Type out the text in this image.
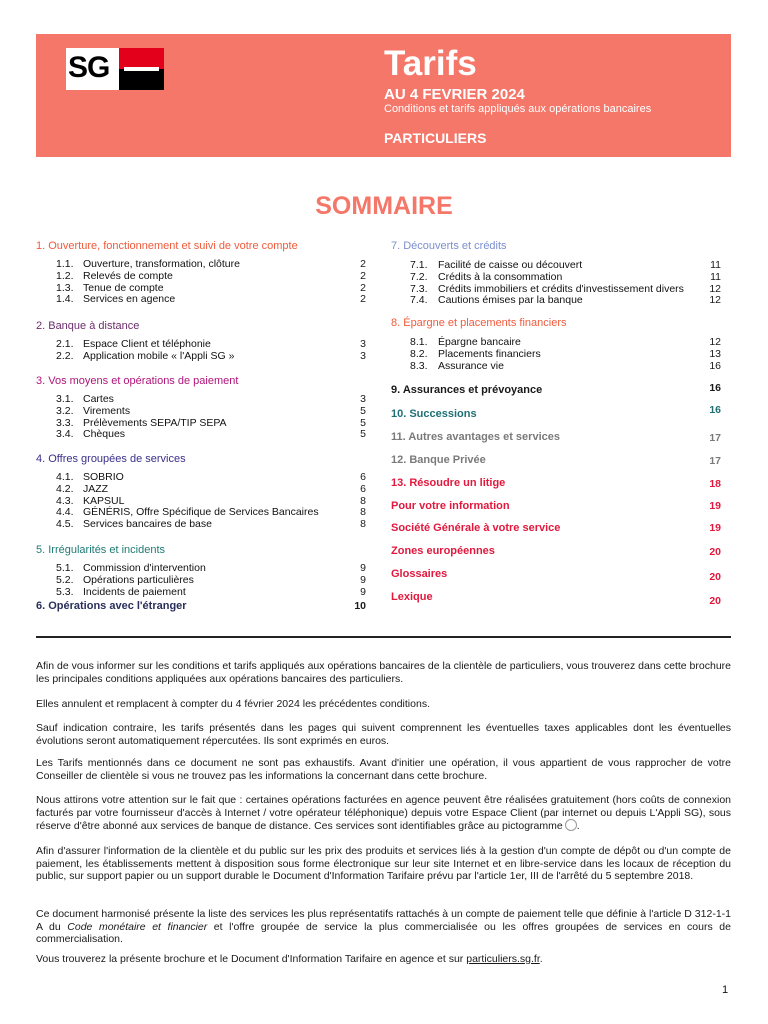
SG	Tarifs
AU 4 FEVRIER 2024
Conditions et tarifs appliqués aux opérations bancaires
PARTICULIERS
SOMMAIRE
1. Ouverture, fonctionnement et suivi de votre compte
1.1. Ouverture, transformation, clôture	2
1.2. Relevés de compte	2
1.3. Tenue de compte	2
1.4. Services en agence	2
2. Banque à distance
2.1. Espace Client et téléphonie	3
2.2. Application mobile « l'Appli SG »	3
3. Vos moyens et opérations de paiement
3.1. Cartes	3
3.2. Virements	5
3.3. Prélèvements SEPA/TIP SEPA	5
3.4. Chèques	5
4. Offres groupées de services
4.1. SOBRIO	6
4.2. JAZZ	6
4.3. KAPSUL	8
4.4. GÉNÉRIS, Offre Spécifique de Services Bancaires	8
4.5. Services bancaires de base	8
5. Irrégularités et incidents
5.1. Commission d'intervention	9
5.2. Opérations particulières	9
5.3. Incidents de paiement	9
6. Opérations avec l'étranger	10
7. Découverts et crédits
7.1. Facilité de caisse ou découvert	11
7.2. Crédits à la consommation	11
7.3. Crédits immobiliers et crédits d'investissement divers	12
7.4. Cautions émises par la banque	12
8. Épargne et placements financiers
8.1. Épargne bancaire	12
8.2. Placements financiers	13
8.3. Assurance vie	16
9. Assurances et prévoyance	16
10. Successions	16
11. Autres avantages et services	17
12. Banque Privée	17
13. Résoudre un litige	18
Pour votre information	19
Société Générale à votre service	19
Zones européennes	20
Glossaires	20
Lexique	20
Afin de vous informer sur les conditions et tarifs appliqués aux opérations bancaires de la clientèle de particuliers, vous trouverez dans cette brochure les principales conditions appliquées aux opérations bancaires des particuliers.
Elles annulent et remplacent à compter du 4 février 2024 les précédentes conditions.
Sauf indication contraire, les tarifs présentés dans les pages qui suivent comprennent les éventuelles taxes applicables dont les éventuelles évolutions seront automatiquement répercutées. Ils sont exprimés en euros.
Les Tarifs mentionnés dans ce document ne sont pas exhaustifs. Avant d'initier une opération, il vous appartient de vous rapprocher de votre Conseiller de clientèle si vous ne trouvez pas les informations la concernant dans cette brochure.
Nous attirons votre attention sur le fait que : certaines opérations facturées en agence peuvent être réalisées gratuitement (hors coûts de connexion facturés par votre fournisseur d'accès à Internet / votre opérateur téléphonique) depuis votre Espace Client (par internet ou depuis L'Appli SG), sous réserve d'être abonné aux services de banque de distance. Ces services sont identifiables grâce au pictogramme .
Afin d'assurer l'information de la clientèle et du public sur les prix des produits et services liés à la gestion d'un compte de dépôt ou d'un compte de paiement, les établissements mettent à disposition sous forme électronique sur leur site Internet et en libre-service dans les locaux de réception du public, sur support papier ou un support durable le Document d'Information Tarifaire prévu par l'article 1er, III de l'arrêté du 5 septembre 2018.
Ce document harmonisé présente la liste des services les plus représentatifs rattachés à un compte de paiement telle que définie à l'article D 312-1-1 A du Code monétaire et financier et l'offre groupée de service la plus commercialisée ou les offres groupées de services en cours de commercialisation.
Vous trouverez la présente brochure et le Document d'Information Tarifaire en agence et sur particuliers.sg.fr.
1
